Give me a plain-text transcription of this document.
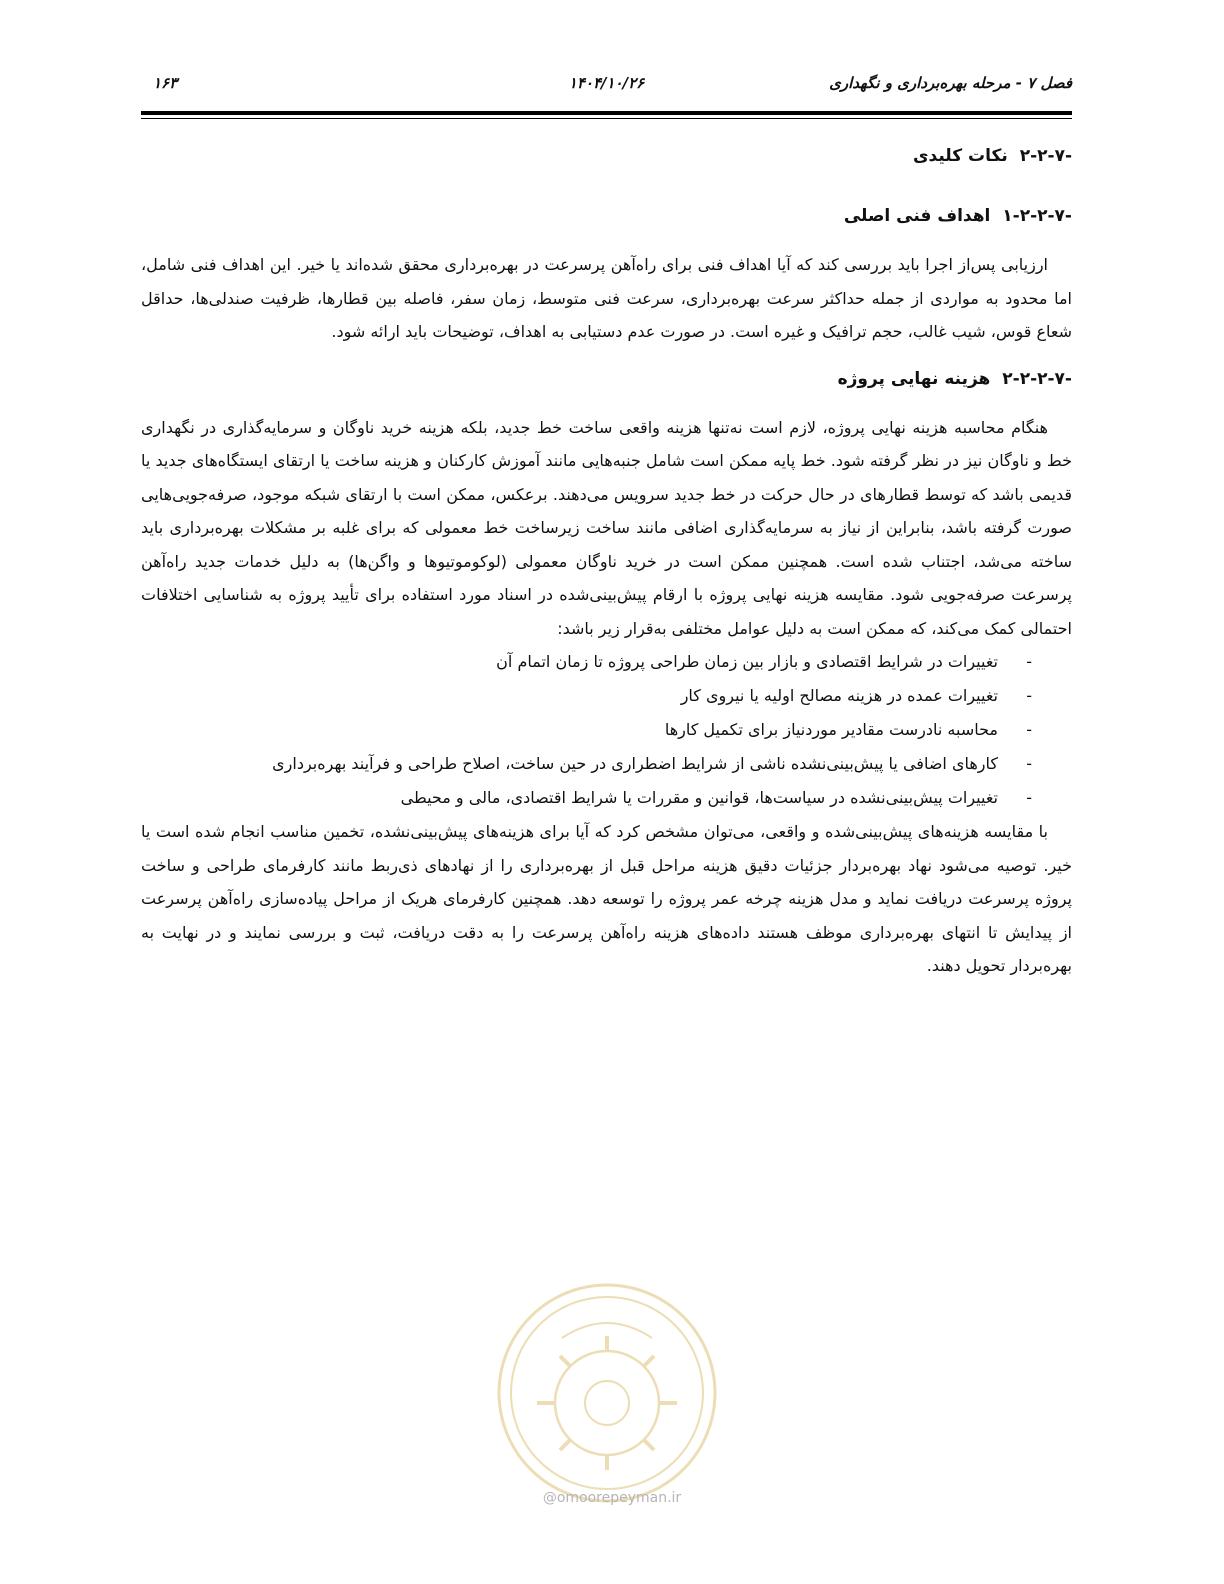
فصل ۷ - مرحله بهره‌برداری و نگهداری
۱۴۰۴/۱۰/۲۶
۱۶۳
۲-۲-۷- نکات کلیدی
۱-۲-۲-۷- اهداف فنی اصلی

ارزیابی پس‌از اجرا باید بررسی کند که آیا اهداف فنی برای راه‌آهن پرسرعت در بهره‌برداری محقق شده‌اند یا خیر. این اهداف فنی شامل، اما محدود به مواردی از جمله حداکثر سرعت بهره‌برداری، سرعت فنی متوسط، زمان سفر، فاصله بین قطارها، ظرفیت صندلی‌ها، حداقل شعاع قوس، شیب غالب، حجم ترافیک و غیره است. در صورت عدم دستیابی به اهداف، توضیحات باید ارائه شود.

۲-۲-۲-۷- هزینه نهایی پروژه

هنگام محاسبه هزینه نهایی پروژه، لازم است نه‌تنها هزینه واقعی ساخت خط جدید، بلکه هزینه خرید ناوگان و سرمایه‌گذاری در نگهداری خط و ناوگان نیز در نظر گرفته شود. خط پایه ممکن است شامل جنبه‌هایی مانند آموزش کارکنان و هزینه ساخت یا ارتقای ایستگاه‌های جدید یا قدیمی باشد که توسط قطارهای در حال حرکت در خط جدید سرویس می‌دهند. برعکس، ممکن است با ارتقای شبکه موجود، صرفه‌جویی‌هایی صورت گرفته باشد، بنابراین از نیاز به سرمایه‌گذاری اضافی مانند ساخت زیرساخت خط معمولی که برای غلبه بر مشکلات بهره‌برداری باید ساخته می‌شد، اجتناب شده است. همچنین ممکن است در خرید ناوگان معمولی (لوکوموتیوها و واگن‌ها) به دلیل خدمات جدید راه‌آهن پرسرعت صرفه‌جویی شود. مقایسه هزینه نهایی پروژه با ارقام پیش‌بینی‌شده در اسناد مورد استفاده برای تأیید پروژه به شناسایی اختلافات احتمالی کمک می‌کند، که ممکن است به دلیل عوامل مختلفی به‌قرار زیر باشد:

-
تغییرات در شرایط اقتصادی و بازار بین زمان طراحی پروژه تا زمان اتمام آن
-
تغییرات عمده در هزینه مصالح اولیه یا نیروی کار
-
محاسبه نادرست مقادیر موردنیاز برای تکمیل کارها
-
کارهای اضافی یا پیش‌بینی‌نشده ناشی از شرایط اضطراری در حین ساخت، اصلاح طراحی و فرآیند بهره‌برداری
-
تغییرات پیش‌بینی‌نشده در سیاست‌ها، قوانین و مقررات یا شرایط اقتصادی، مالی و محیطی

با مقایسه هزینه‌های پیش‌بینی‌شده و واقعی، می‌توان مشخص کرد که آیا برای هزینه‌های پیش‌بینی‌نشده، تخمین مناسب انجام شده است یا خیر. توصیه می‌شود نهاد بهره‌بردار جزئیات دقیق هزینه مراحل قبل از بهره‌برداری را از نهادهای ذی‌ربط مانند کارفرمای طراحی و ساخت پروژه پرسرعت دریافت نماید و مدل هزینه چرخه عمر پروژه را توسعه دهد. همچنین کارفرمای هریک از مراحل پیاده‌سازی راه‌آهن پرسرعت از پیدایش تا انتهای بهره‌برداری موظف هستند داده‌های هزینه راه‌آهن پرسرعت را به دقت دریافت، ثبت و بررسی نمایند و در نهایت به بهره‌بردار تحویل دهند.

@omoorepeyman.ir
